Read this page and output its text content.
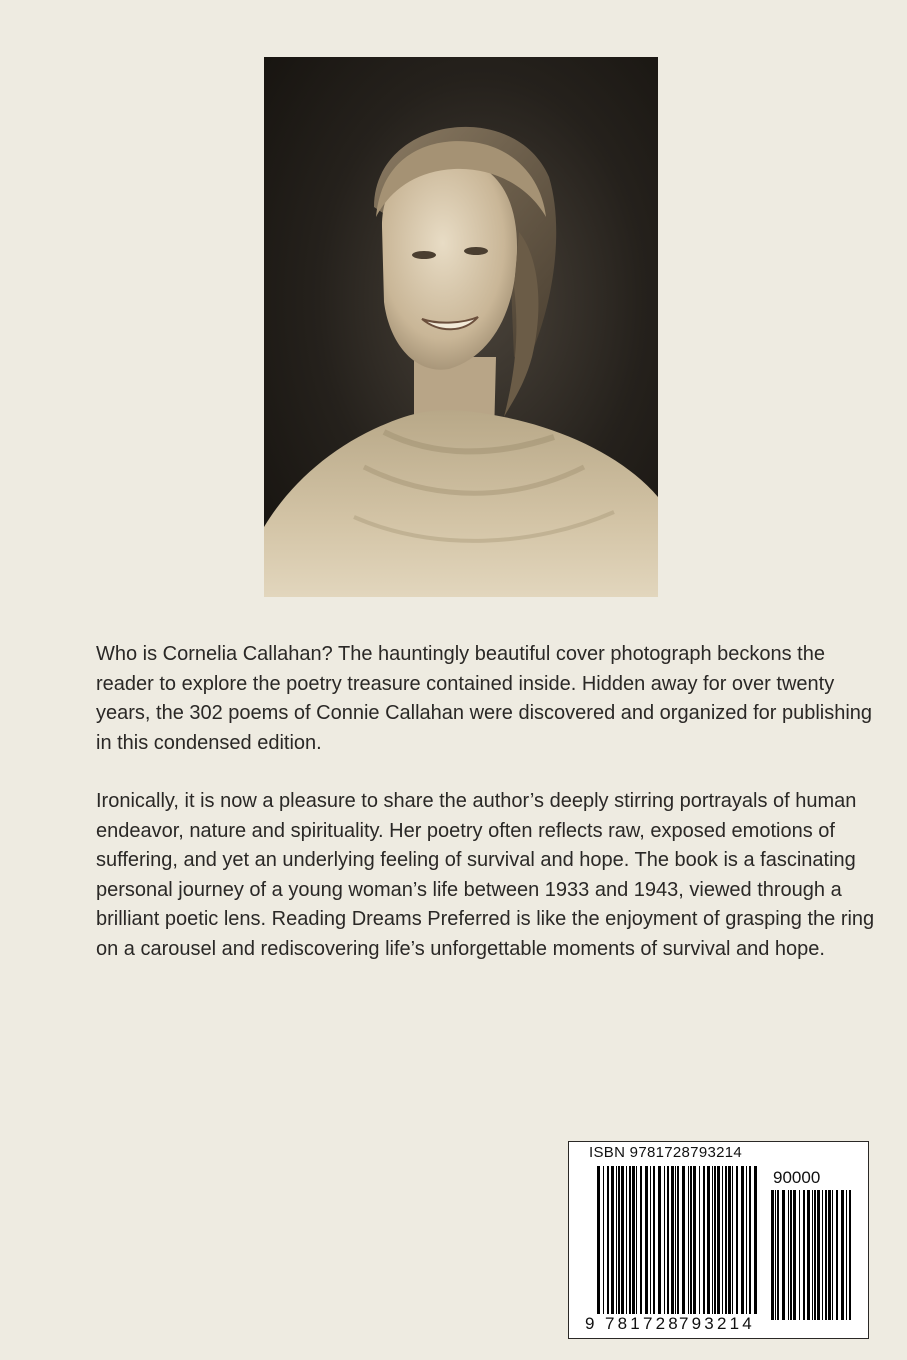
Who is Cornelia Callahan? The hauntingly beautiful cover photograph beckons the reader to explore the poetry treasure contained inside. Hidden away for over twenty years, the 302 poems of Connie Callahan were discovered and organized for publishing in this condensed edition.

Ironically, it is now a pleasure to share the author’s deeply stirring portrayals of human endeavor, nature and spirituality. Her poetry often reflects raw, exposed emotions of suffering, and yet an underlying feeling of survival and hope. The book is a fascinating personal journey of a young woman’s life between 1933 and 1943, viewed through a brilliant poetic lens. Reading Dreams Preferred is like the enjoyment of grasping the ring on a carousel and rediscovering life’s unforgettable moments of survival and hope.

ISBN 9781728793214
90000
9 781728
793214
